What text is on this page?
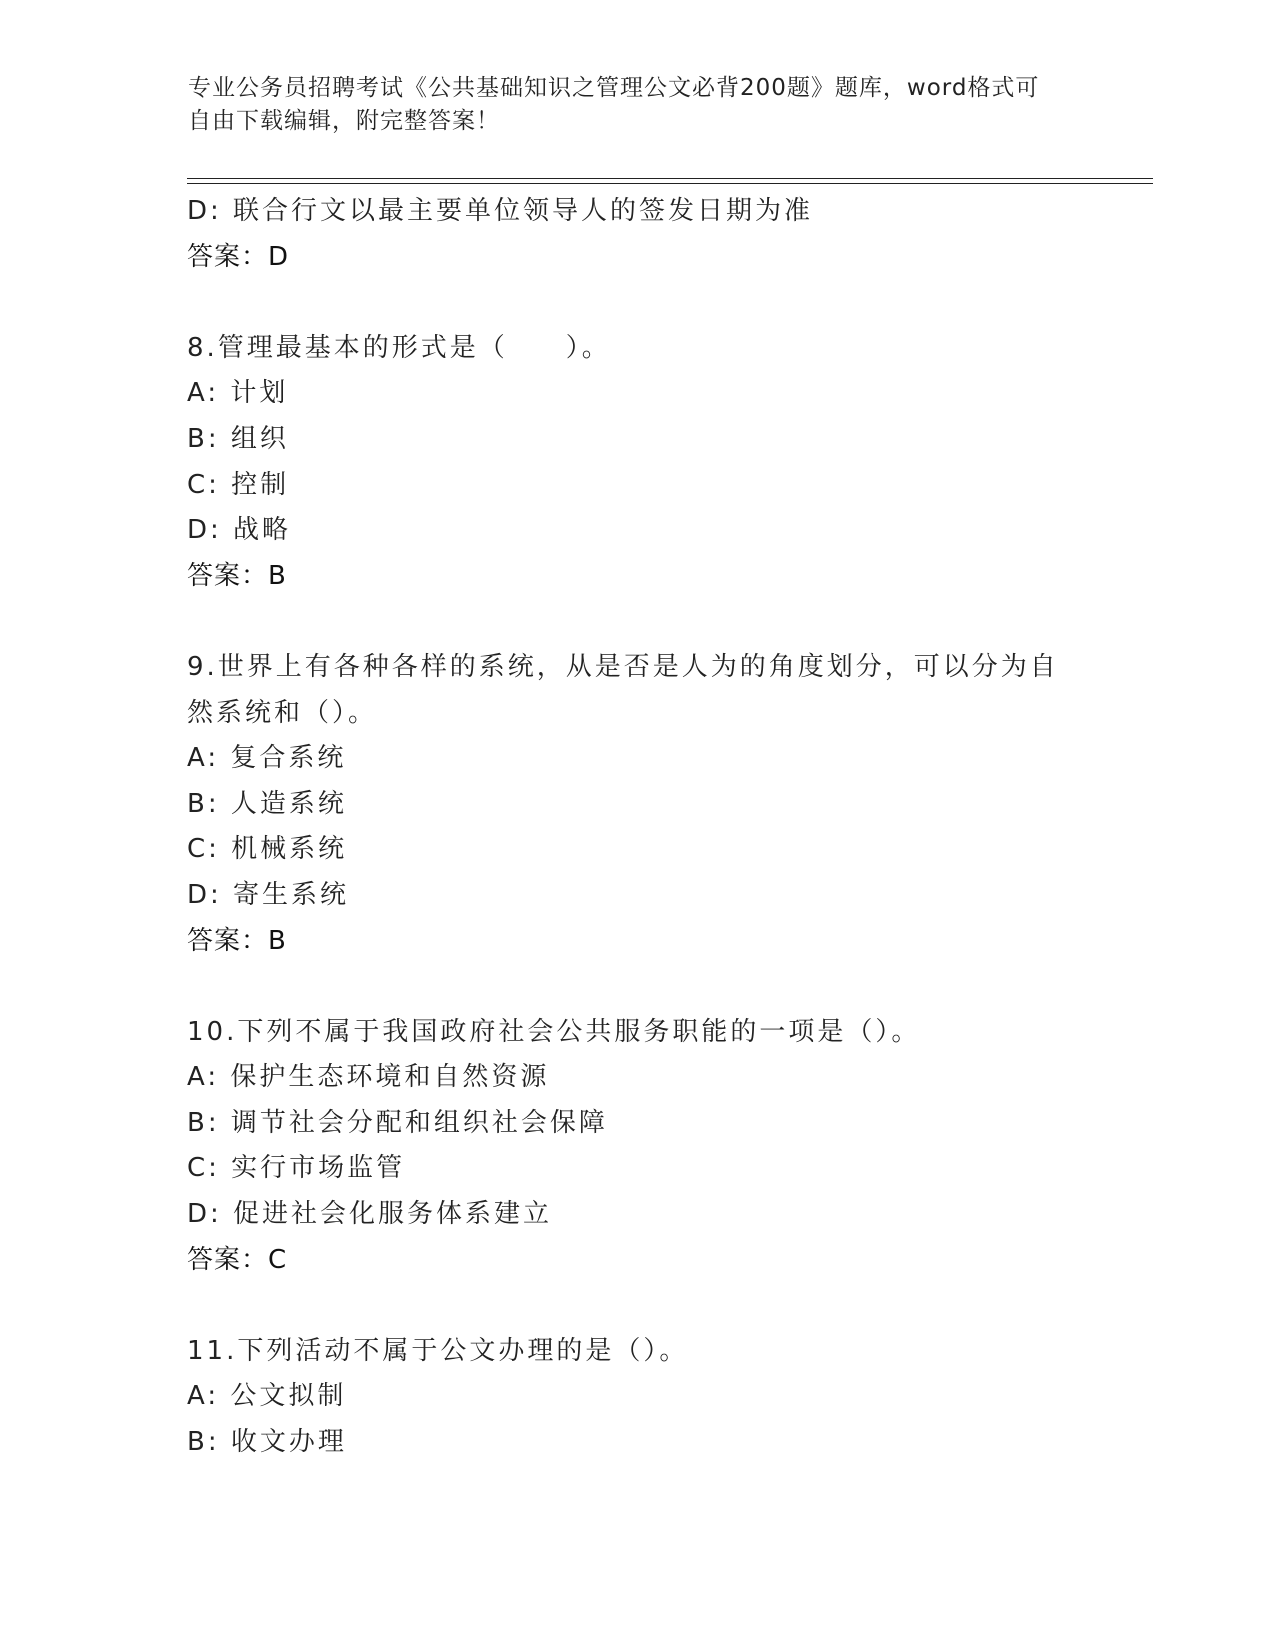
专业公务员招聘考试《公共基础知识之管理公文必背200题》题库，word格式可
自由下载编辑，附完整答案！
D: 联合行文以最主要单位领导人的签发日期为准
答案：D
8.管理最基本的形式是（　　）。
A: 计划
B: 组织
C: 控制
D: 战略
答案：B
9.世界上有各种各样的系统，从是否是人为的角度划分，可以分为自
然系统和（）。
A: 复合系统
B: 人造系统
C: 机械系统
D: 寄生系统
答案：B
10.下列不属于我国政府社会公共服务职能的一项是（）。
A: 保护生态环境和自然资源
B: 调节社会分配和组织社会保障
C: 实行市场监管
D: 促进社会化服务体系建立
答案：C
11.下列活动不属于公文办理的是（）。
A: 公文拟制
B: 收文办理
